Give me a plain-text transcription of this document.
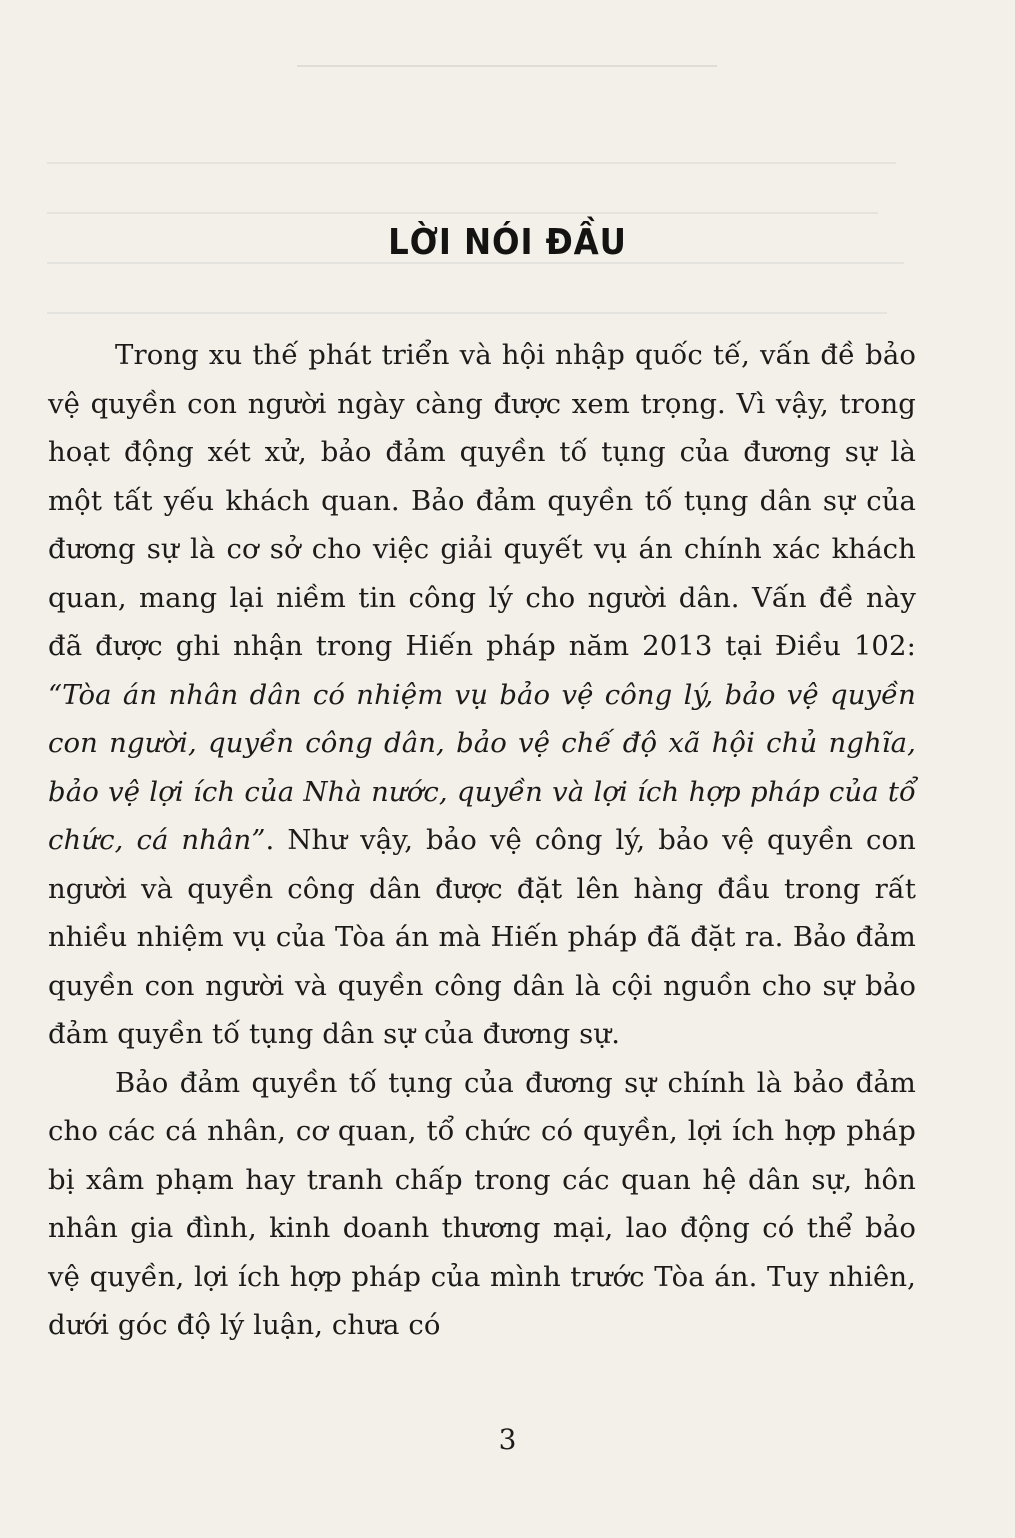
LỜI NÓI ĐẦU

Trong xu thế phát triển và hội nhập quốc tế, vấn đề bảo vệ quyền con người ngày càng được xem trọng. Vì vậy, trong hoạt động xét xử, bảo đảm quyền tố tụng của đương sự là một tất yếu khách quan. Bảo đảm quyền tố tụng dân sự của đương sự là cơ sở cho việc giải quyết vụ án chính xác khách quan, mang lại niềm tin công lý cho người dân. Vấn đề này đã được ghi nhận trong Hiến pháp năm 2013 tại Điều 102: “Tòa án nhân dân có nhiệm vụ bảo vệ công lý, bảo vệ quyền con người, quyền công dân, bảo vệ chế độ xã hội chủ nghĩa, bảo vệ lợi ích của Nhà nước, quyền và lợi ích hợp pháp của tổ chức, cá nhân”. Như vậy, bảo vệ công lý, bảo vệ quyền con người và quyền công dân được đặt lên hàng đầu trong rất nhiều nhiệm vụ của Tòa án mà Hiến pháp đã đặt ra. Bảo đảm quyền con người và quyền công dân là cội nguồn cho sự bảo đảm quyền tố tụng dân sự của đương sự.

Bảo đảm quyền tố tụng của đương sự chính là bảo đảm cho các cá nhân, cơ quan, tổ chức có quyền, lợi ích hợp pháp bị xâm phạm hay tranh chấp trong các quan hệ dân sự, hôn nhân gia đình, kinh doanh thương mại, lao động có thể bảo vệ quyền, lợi ích hợp pháp của mình trước Tòa án. Tuy nhiên, dưới góc độ lý luận, chưa có

3
